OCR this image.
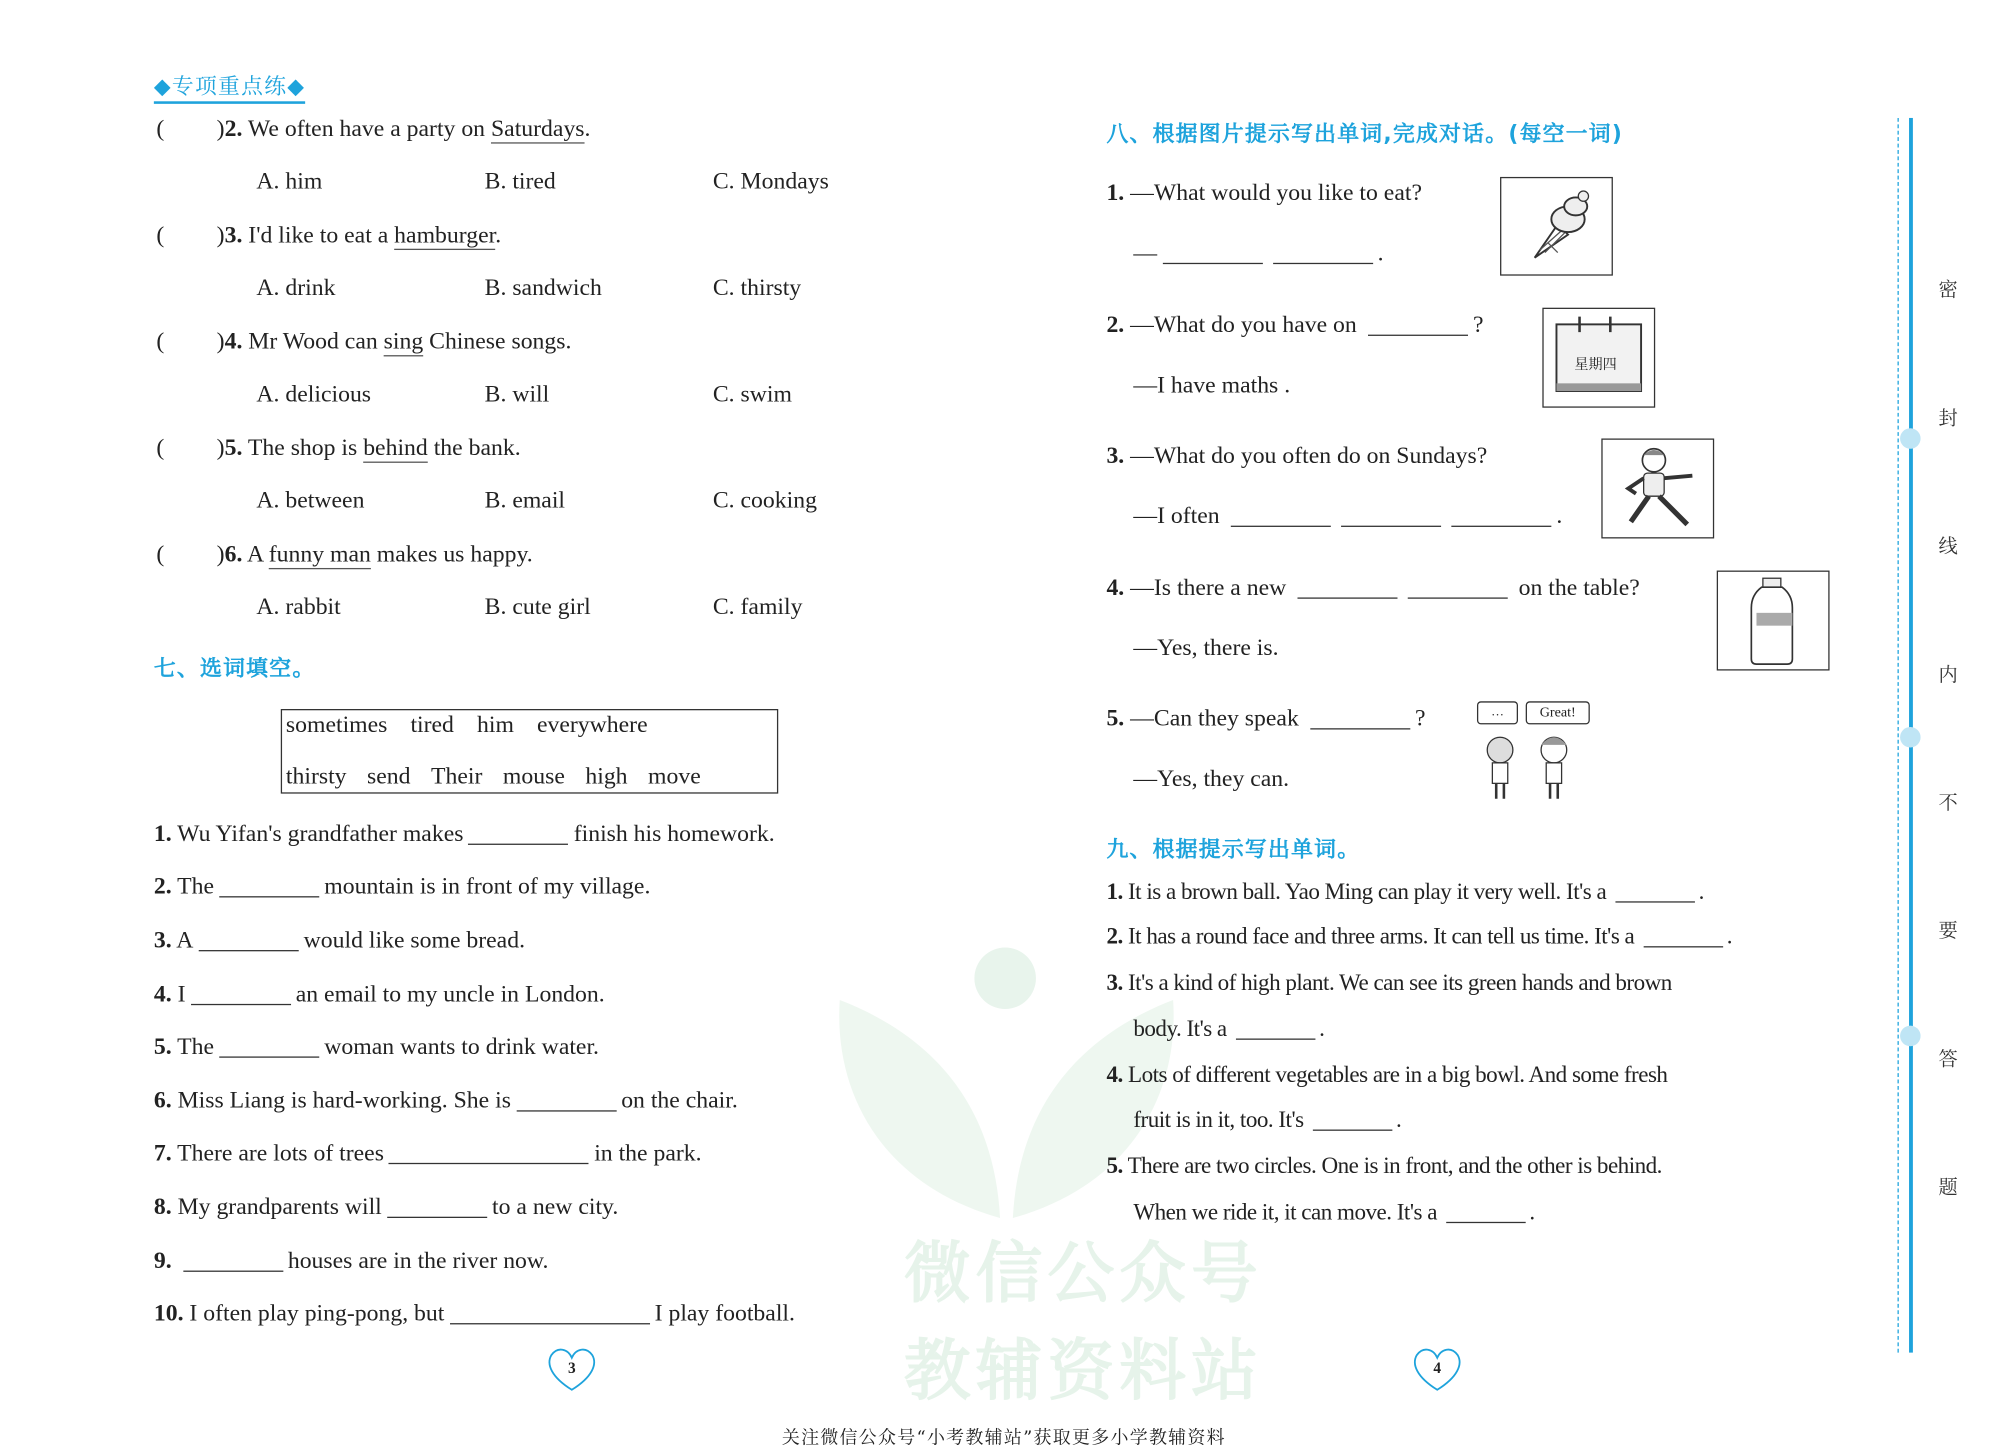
微信公众号
教辅资料站
◆专项重点练◆
(	)2. We often have a party on Saturdays.
A. him	B. tired	C. Mondays
(	)3. I'd like to eat a hamburger.
A. drink	B. sandwich	C. thirsty
(	)4. Mr Wood can sing Chinese songs.
A. delicious	B. will	C. swim
(	)5. The shop is behind the bank.
A. between	B. email	C. cooking
(	)6. A funny man makes us happy.
A. rabbit	B. cute girl	C. family
七、选词填空。
sometimes tired him everywhere
thirsty send Their mouse high move
1. Wu Yifan's grandfather makes	finish his homework.
2. The	mountain is in front of my village.
3. A	would like some bread.
4. I	an email to my uncle in London.
5. The	woman wants to drink water.
6. Miss Liang is hard-working. She is	on the chair.
7. There are lots of trees	in the park.
8. My grandparents will	to a new city.
9.	houses are in the river now.
10. I often play ping-pong, but	I play football.
八、根据图片提示写出单词,完成对话。(每空一词)
1. —What would you like to eat?
—	.
2. —What do you have on	?
—I have maths .
3. —What do you often do on Sundays?
—I often	.
4. —Is there a new	on the table?
—Yes, there is.
5. —Can they speak	?
—Yes, they can.
星期四
…	Great!
九、根据提示写出单词。
1. It is a brown ball. Yao Ming can play it very well. It's a	.
2. It has a round face and three arms. It can tell us time. It's a	.
3. It's a kind of high plant. We can see its green hands and brown
body. It's a	.
4. Lots of different vegetables are in a big bowl. And some fresh
fruit is in it, too. It's	.
5. There are two circles. One is in front, and the other is behind.
When we ride it, it can move. It's a	.
密
封
线
内
不
要
答
题
3	4
关注微信公众号“小考教辅站”获取更多小学教辅资料
